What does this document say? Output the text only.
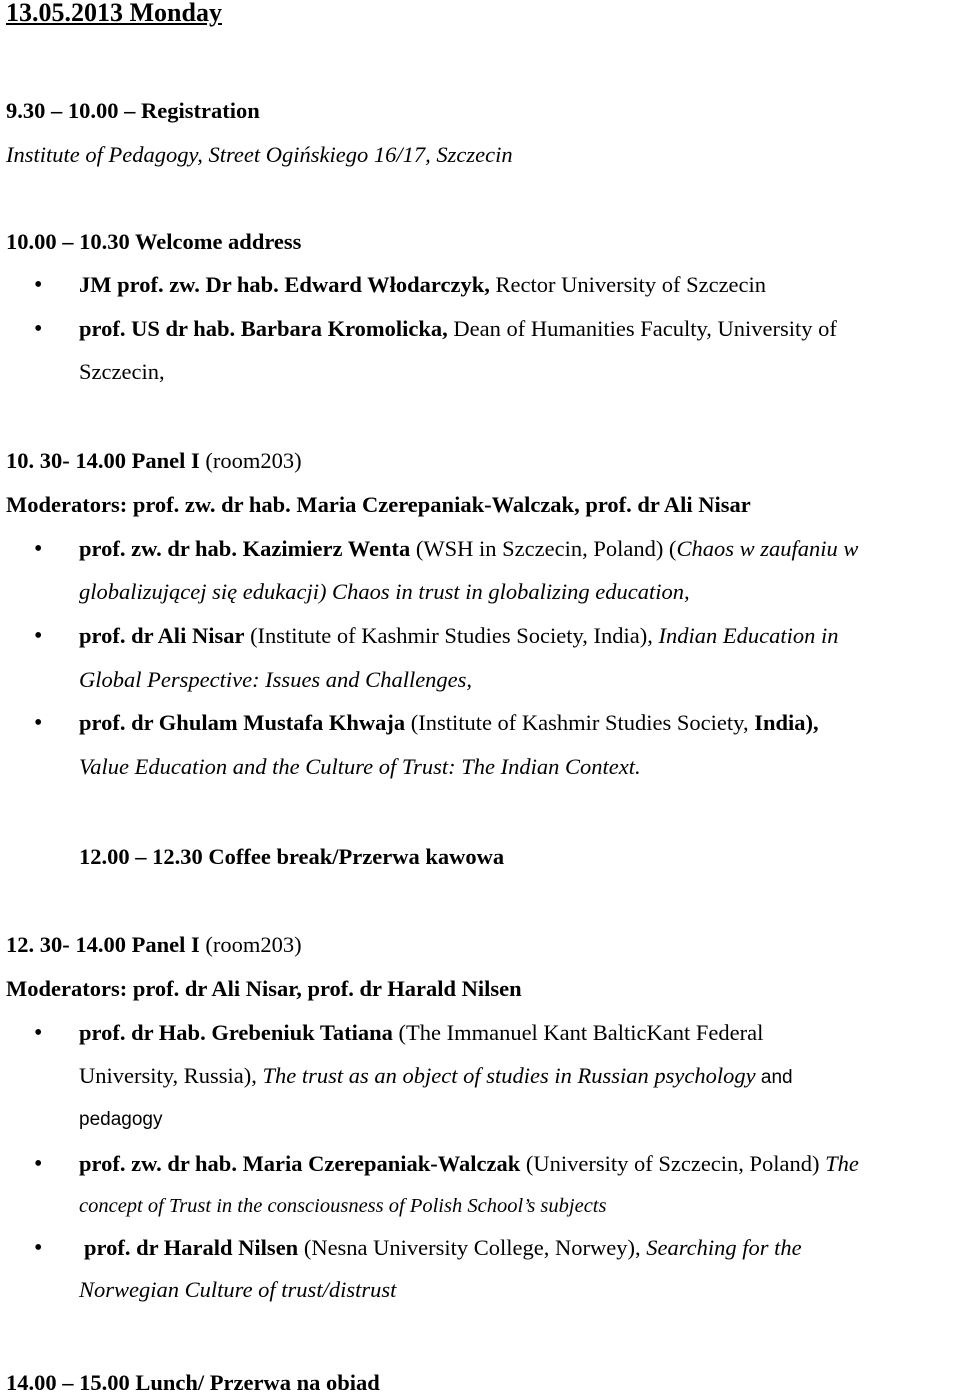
13.05.2013 Monday
9.30 – 10.00 – Registration
Institute of Pedagogy, Street Ogińskiego 16/17, Szczecin
10.00 – 10.30 Welcome address
• JM prof. zw. Dr hab. Edward Włodarczyk, Rector University of Szczecin
• prof. US dr hab. Barbara Kromolicka, Dean of Humanities Faculty, University of
Szczecin,
10. 30- 14.00 Panel I (room203)
Moderators: prof. zw. dr hab. Maria Czerepaniak-Walczak, prof. dr Ali Nisar
• prof. zw. dr hab. Kazimierz Wenta (WSH in Szczecin, Poland) (Chaos w zaufaniu w
globalizującej się edukacji) Chaos in trust in globalizing education,
• prof. dr Ali Nisar (Institute of Kashmir Studies Society, India), Indian Education in
Global Perspective: Issues and Challenges,
• prof. dr Ghulam Mustafa Khwaja (Institute of Kashmir Studies Society, India),
Value Education and the Culture of Trust: The Indian Context.
12.00 – 12.30 Coffee break/Przerwa kawowa
12. 30- 14.00 Panel I (room203)
Moderators: prof. dr Ali Nisar, prof. dr Harald Nilsen
• prof. dr Hab. Grebeniuk Tatiana (The Immanuel Kant BalticKant Federal
University, Russia), The trust as an object of studies in Russian psychology and
pedagogy
• prof. zw. dr hab. Maria Czerepaniak-Walczak (University of Szczecin, Poland) The
concept of Trust in the consciousness of Polish School’s subjects
• prof. dr Harald Nilsen (Nesna University College, Norwey), Searching for the
Norwegian Culture of trust/distrust
14.00 – 15.00 Lunch/ Przerwa na obiad
